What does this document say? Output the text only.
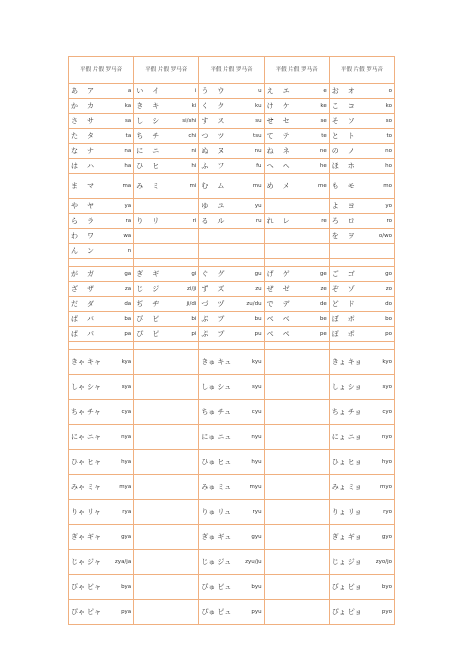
平假 片假 罗马音	平假 片假 罗马音	平假 片假 罗马音	平假 片假 罗马音	平假 片假 罗马音

あ ア a	い イ i	う ウ u	え エ e	お オ o

か カ ka	き キ ki	く ク ku	け ケ ke	こ コ ko

さ サ sa	し シ si/shi	す ス su	せ セ se	そ ソ so

た タ ta	ち チ chi	つ ツ tsu	て テ te	と ト to

な ナ na	に ニ ni	ぬ ヌ nu	ね ネ ne	の ノ no

は ハ ha	ひ ヒ hi	ふ フ fu	へ ヘ he	ほ ホ ho

ま マ ma	み ミ mi	む ム mu	め メ me	も モ mo

や ヤ ya		ゆ ユ yu		よ ヨ yo

ら ラ ra	り リ ri	る ル ru	れ レ re	ろ ロ ro

わ ワ wa				を ヲ o/wo

ん ン n				

が ガ ga	ぎ ギ gi	ぐ グ gu	げ ゲ ge	ご ゴ go

ざ ザ za	じ ジ zi/ji	ず ズ zu	ぜ ゼ ze	ぞ ゾ zo

だ ダ da	ぢ ヂ ji/di	づ ヅ zu/du	で デ de	ど ド do

ば バ ba	び ビ bi	ぶ ブ bu	べ ベ be	ぼ ボ bo

ぱ パ pa	ぴ ピ pi	ぷ プ pu	ぺ ペ pe	ぽ ポ po

きゃ キャ kya		きゅ キュ kyu		きょ キョ kyo

しゃ シャ sya		しゅ シュ syu		しょ ショ syo

ちゃ チャ cya		ちゅ チュ cyu		ちょ チョ cyo

にゃ ニャ nya		にゅ ニュ nyu		にょ ニョ nyo

ひゃ ヒャ hya		ひゅ ヒュ hyu		ひょ ヒョ hyo

みゃ ミャ mya		みゅ ミュ myu		みょ ミョ myo

りゃ リャ rya		りゅ リュ ryu		りょ リョ ryo

ぎゃ ギャ gya		ぎゅ ギュ gyu		ぎょ ギョ gyo

じゃ ジャ zya/ja		じゅ ジュ zyu/ju		じょ ジョ zyo/jo

びゃ ビャ bya		びゅ ビュ byu		びょ ビョ byo

ぴゃ ピャ pya		ぴゅ ピュ pyu		ぴょ ピョ pyo
